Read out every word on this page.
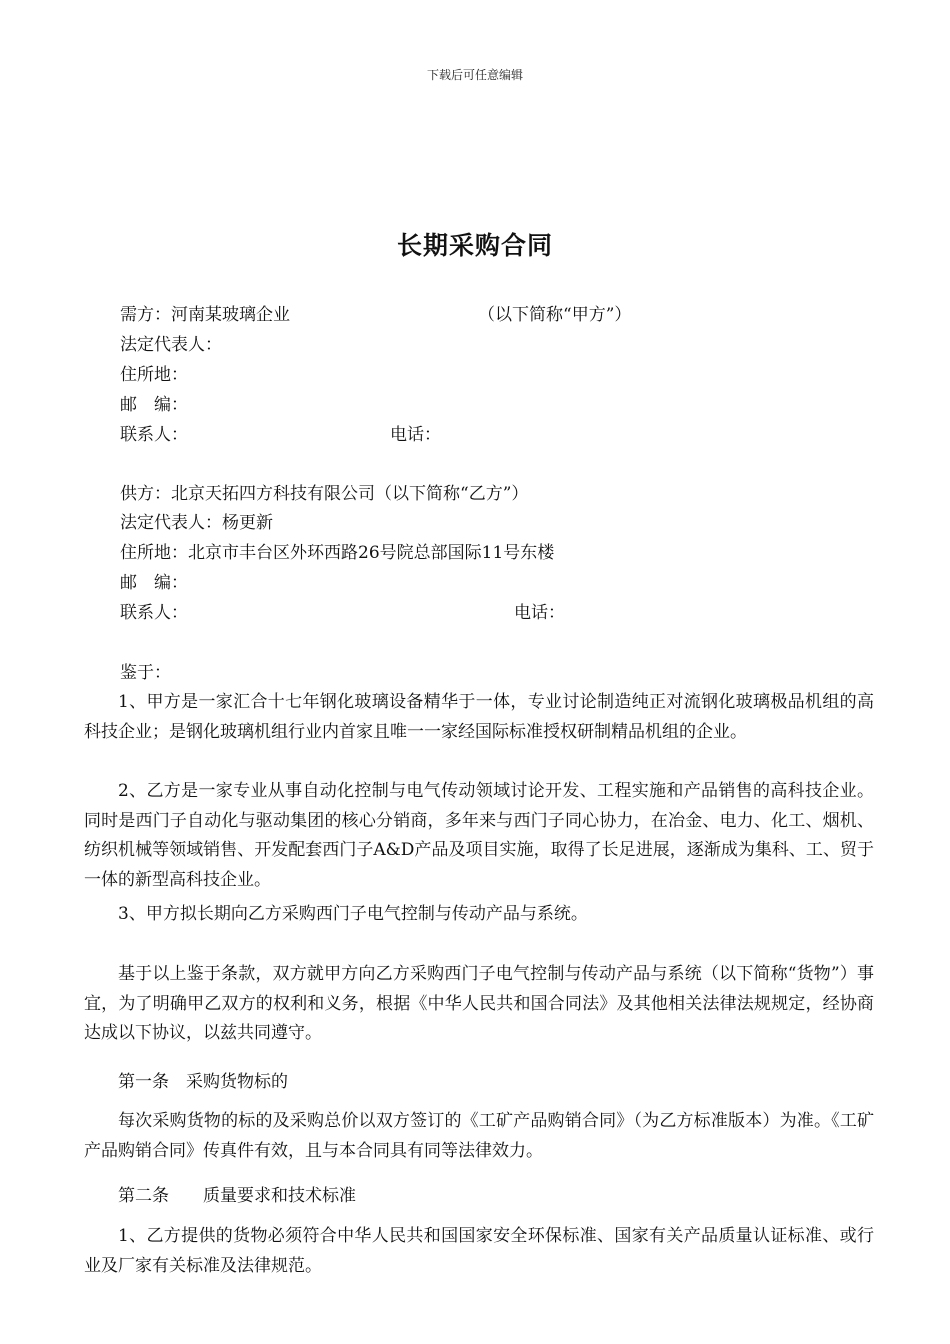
下载后可任意编辑
长期采购合同
需方：河南某玻璃企业	（以下简称“甲方”）
法定代表人：
住所地：
邮　编：
联系人：	电话：
供方：北京天拓四方科技有限公司（以下简称“乙方”）
法定代表人：杨更新
住所地：北京市丰台区外环西路26号院总部国际11号东楼
邮　编：
联系人：	电话：
鉴于：
1、甲方是一家汇合十七年钢化玻璃设备精华于一体，专业讨论制造纯正对流钢化玻璃极品机组的高科技企业；是钢化玻璃机组行业内首家且唯一一家经国际标准授权研制精品机组的企业。
2、乙方是一家专业从事自动化控制与电气传动领域讨论开发、工程实施和产品销售的高科技企业。同时是西门子自动化与驱动集团的核心分销商，多年来与西门子同心协力，在冶金、电力、化工、烟机、纺织机械等领域销售、开发配套西门子A&D产品及项目实施，取得了长足进展，逐渐成为集科、工、贸于一体的新型高科技企业。
3、甲方拟长期向乙方采购西门子电气控制与传动产品与系统。
基于以上鉴于条款，双方就甲方向乙方采购西门子电气控制与传动产品与系统（以下简称“货物”）事宜，为了明确甲乙双方的权利和义务，根据《中华人民共和国合同法》及其他相关法律法规规定，经协商达成以下协议，以兹共同遵守。
第一条　采购货物标的
每次采购货物的标的及采购总价以双方签订的《工矿产品购销合同》（为乙方标准版本）为准。《工矿产品购销合同》传真件有效，且与本合同具有同等法律效力。
第二条　　质量要求和技术标准
1、乙方提供的货物必须符合中华人民共和国国家安全环保标准、国家有关产品质量认证标准、或行业及厂家有关标准及法律规范。
